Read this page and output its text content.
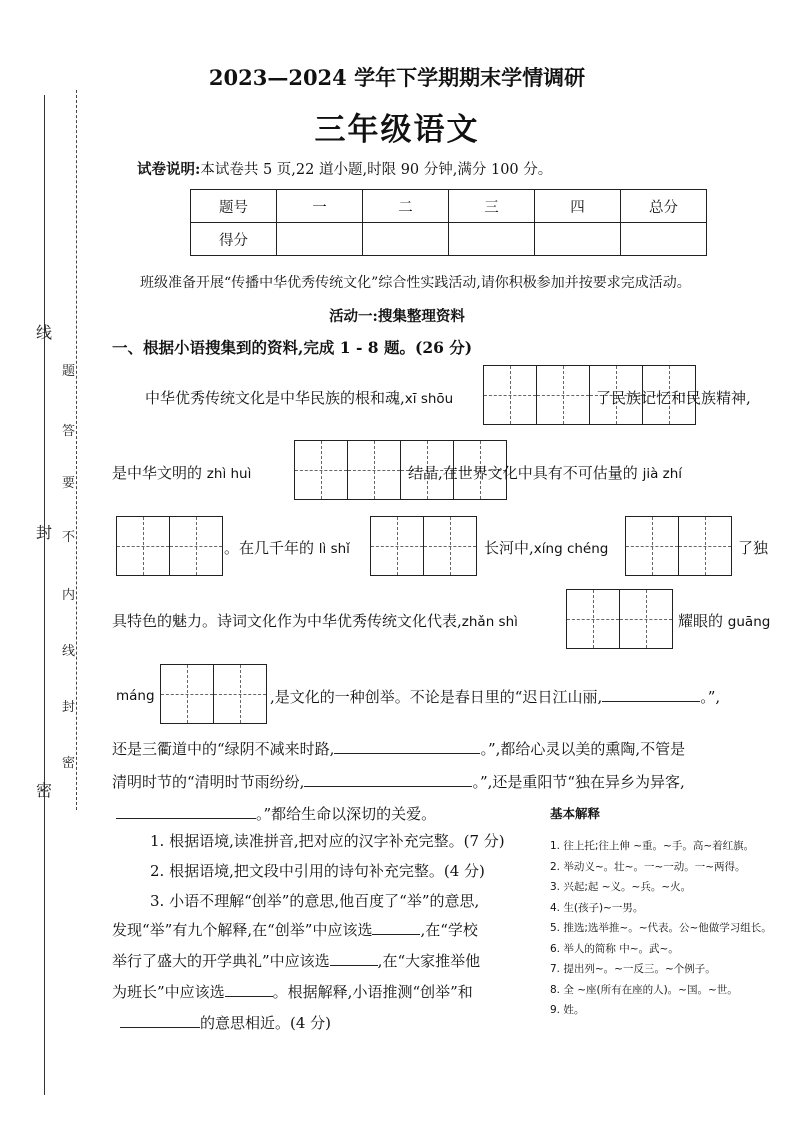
线
封
密
题
答
要
不
内
线
封
密
2023—2024 学年下学期期末学情调研
三年级语文
试卷说明:本试卷共 5 页,22 道小题,时限 90 分钟,满分 100 分。
题号	一	二	三	四	总分
得分					
班级准备开展“传播中华优秀传统文化”综合性实践活动,请你积极参加并按要求完成活动。
活动一:搜集整理资料
一、根据小语搜集到的资料,完成 1 - 8 题。(26 分)
中华优秀传统文化是中华民族的根和魂,xī shōu	了民族记忆和民族精神,
是中华文明的 zhì huì	结晶,在世界文化中具有不可估量的 jià zhí
。在几千年的 lì shǐ	长河中,xíng chéng	了独
具特色的魅力。诗词文化作为中华优秀传统文化代表,zhǎn shì	耀眼的 guāng
máng	,是文化的一种创举。不论是春日里的“迟日江山丽,	。”,
还是三衢道中的“绿阴不减来时路,	。”,都给心灵以美的熏陶,不管是
清明时节的“清明时节雨纷纷,	。”,还是重阳节“独在异乡为异客,
。”都给生命以深切的关爱。
1. 根据语境,读准拼音,把对应的汉字补充完整。(7 分)
2. 根据语境,把文段中引用的诗句补充完整。(4 分)
3. 小语不理解“创举”的意思,他百度了“举”的意思,
发现“举”有九个解释,在“创举”中应该选	,在“学校
举行了盛大的开学典礼”中应该选	,在“大家推举他
为班长”中应该选	。根据解释,小语推测“创举”和
的意思相近。(4 分)
基本解释
1. 往上托;往上伸 ~重。~手。高~着红旗。
2. 举动义~。壮~。一~一动。一~两得。
3. 兴起;起 ~义。~兵。~火。
4. 生(孩子)~一男。
5. 推选;选举推~。~代表。公~他做学习组长。
6. 举人的简称 中~。武~。
7. 提出列~。~一反三。~个例子。
8. 全 ~座(所有在座的人)。~国。~世。
9. 姓。
